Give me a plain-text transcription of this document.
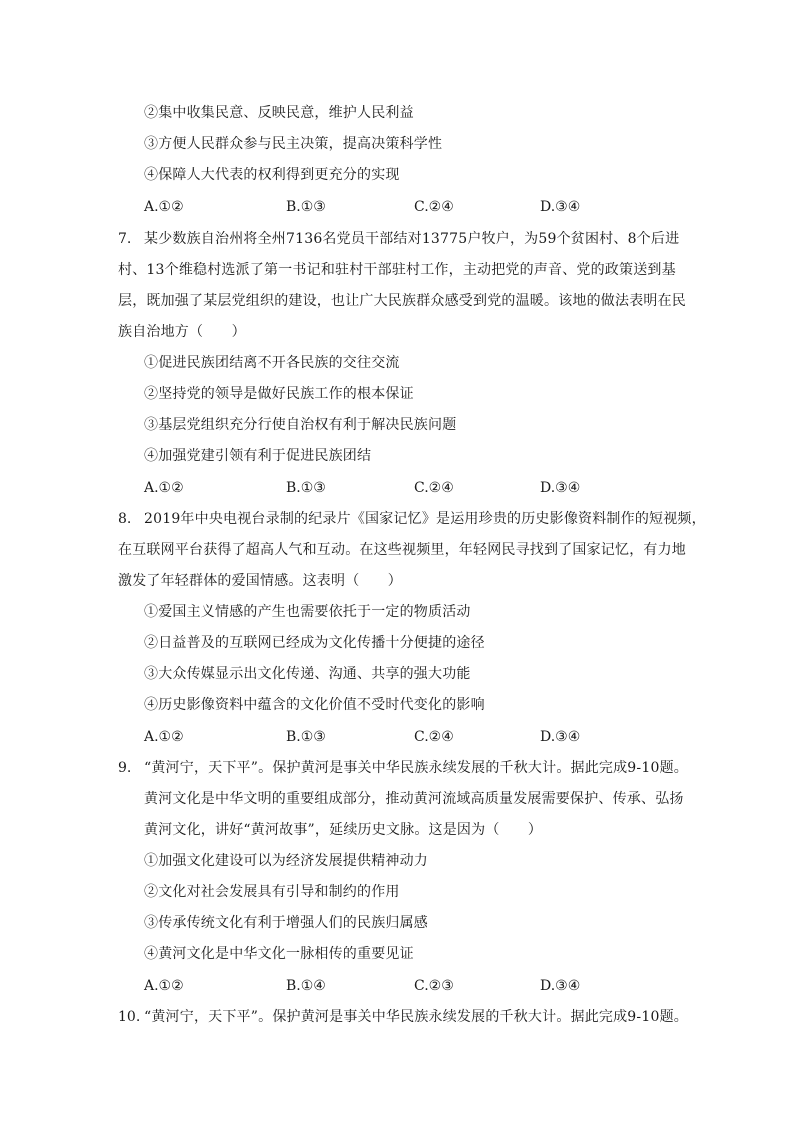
②集中收集民意、反映民意，维护人民利益
③方便人民群众参与民主决策，提高决策科学性
④保障人大代表的权利得到更充分的实现
A.①②	B.①③	C.②④	D.③④
7. 某少数族自治州将全州7136名党员干部结对13775户牧户，为59个贫困村、8个后进
村、13个维稳村选派了第一书记和驻村干部驻村工作，主动把党的声音、党的政策送到基
层，既加强了某层党组织的建设，也让广大民族群众感受到党的温暖。该地的做法表明在民
族自治地方（　　）
①促进民族团结离不开各民族的交往交流
②坚持党的领导是做好民族工作的根本保证
③基层党组织充分行使自治权有利于解决民族问题
④加强党建引领有利于促进民族团结
A.①②	B.①③	C.②④	D.③④
8. 2019年中央电视台录制的纪录片《国家记忆》是运用珍贵的历史影像资料制作的短视频，
在互联网平台获得了超高人气和互动。在这些视频里，年轻网民寻找到了国家记忆，有力地
激发了年轻群体的爱国情感。这表明（　　）
①爱国主义情感的产生也需要依托于一定的物质活动
②日益普及的互联网已经成为文化传播十分便捷的途径
③大众传媒显示出文化传递、沟通、共享的强大功能
④历史影像资料中蕴含的文化价值不受时代变化的影响
A.①②	B.①③	C.②④	D.③④
9. “黄河宁，天下平”。保护黄河是事关中华民族永续发展的千秋大计。据此完成9-10题。
黄河文化是中华文明的重要组成部分，推动黄河流域高质量发展需要保护、传承、弘扬
黄河文化，讲好“黄河故事”，延续历史文脉。这是因为（　　）
①加强文化建设可以为经济发展提供精神动力
②文化对社会发展具有引导和制约的作用
③传承传统文化有利于增强人们的民族归属感
④黄河文化是中华文化一脉相传的重要见证
A.①②	B.①④	C.②③	D.③④
10. “黄河宁，天下平”。保护黄河是事关中华民族永续发展的千秋大计。据此完成9-10题。
